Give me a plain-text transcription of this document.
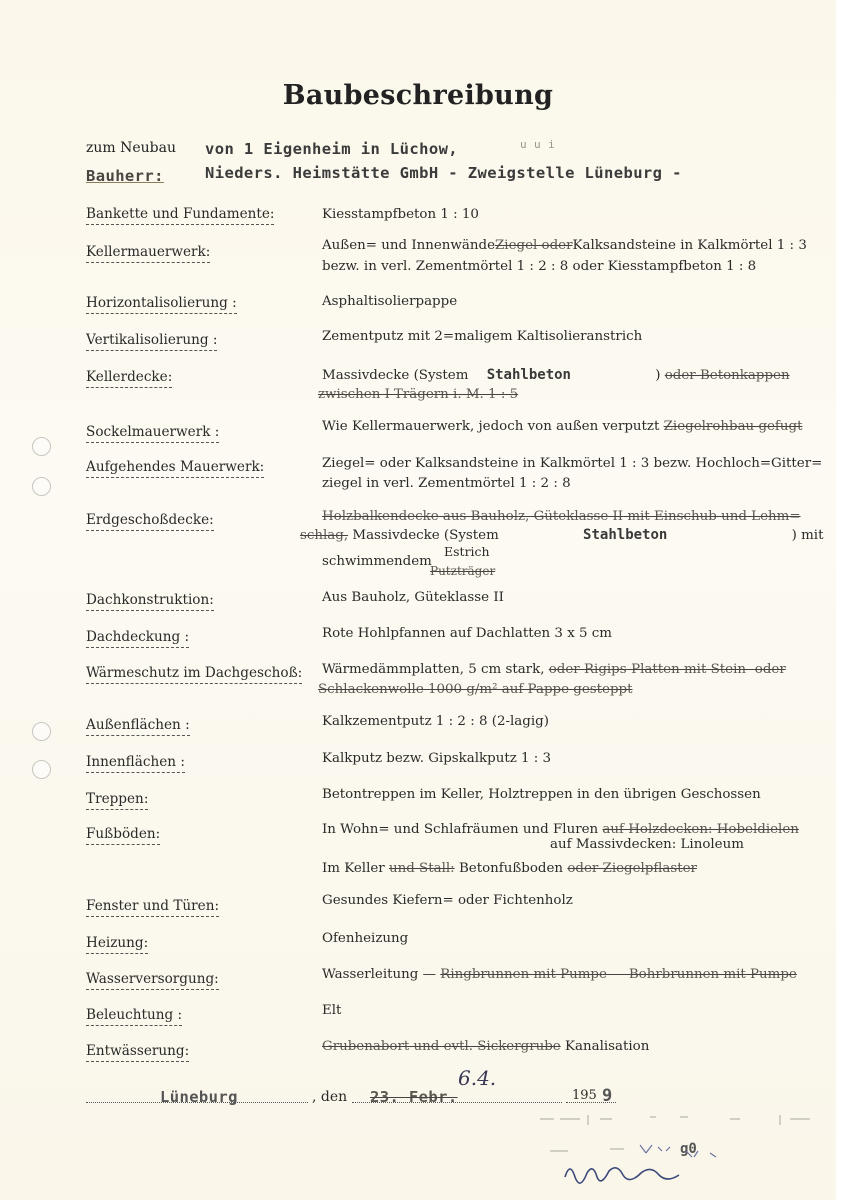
Baubeschreibung
zum Neubau von 1 Eigenheim in Lüchow,	u u i
Bauherr:	Nieders. Heimstätte GmbH - Zweigstelle Lüneburg -
Bankette und Fundamente:	Kiesstampfbeton 1 : 10
Kellermauerwerk:	Außen= und InnenwändeZiegel oderKalksandsteine in Kalkmörtel 1 : 3
bezw. in verl. Zementmörtel 1 : 2 : 8 oder Kiesstampfbeton 1 : 8
Horizontalisolierung :	Asphaltisolierpappe
Vertikalisolierung :	Zementputz mit 2=maligem Kaltisolieranstrich
Kellerdecke:	Massivdecke (System Stahlbeton	) oder Betonkappen
zwischen I-Trägern i. M. 1 : 5
Sockelmauerwerk :	Wie Kellermauerwerk, jedoch von außen verputzt Ziegelrohbau gefugt
Aufgehendes Mauerwerk:	Ziegel= oder Kalksandsteine in Kalkmörtel 1 : 3 bezw. Hochloch=Gitter=
ziegel in verl. Zementmörtel 1 : 2 : 8
Erdgeschoßdecke:	Holzbalkendecke aus Bauholz, Güteklasse II mit Einschub und Lehm=
schlag, Massivdecke (System	Stahlbeton	) mit
schwimmendem
Estrich
Putzträger
Dachkonstruktion:	Aus Bauholz, Güteklasse II
Dachdeckung :	Rote Hohlpfannen auf Dachlatten 3 x 5 cm
Wärmeschutz im Dachgeschoß: Wärmedämmplatten, 5 cm stark, oder Rigips-Platten mit Stein- oder
Schlackenwolle 1000 g/m² auf Pappe gesteppt
Außenflächen :	Kalkzementputz 1 : 2 : 8 (2-lagig)
Innenflächen :	Kalkputz bezw. Gipskalkputz 1 : 3
Treppen:	Betontreppen im Keller, Holztreppen in den übrigen Geschossen
Fußböden:	In Wohn= und Schlafräumen und Fluren auf Holzdecken: Hobeldielen
auf Massivdecken: Linoleum
Im Keller und Stall: Betonfußboden oder Ziegelpflaster
Fenster und Türen:	Gesundes Kiefern= oder Fichtenholz
Heizung:	Ofenheizung
Wasserversorgung:	Wasserleitung — Ringbrunnen mit Pumpe — Bohrbrunnen mit Pumpe
Beleuchtung :	Elt
Entwässerung:	Grubenabort und evtl. Sickergrube Kanalisation
Lüneburg	, den 23. Febr.
6.4.
195 9
g0
